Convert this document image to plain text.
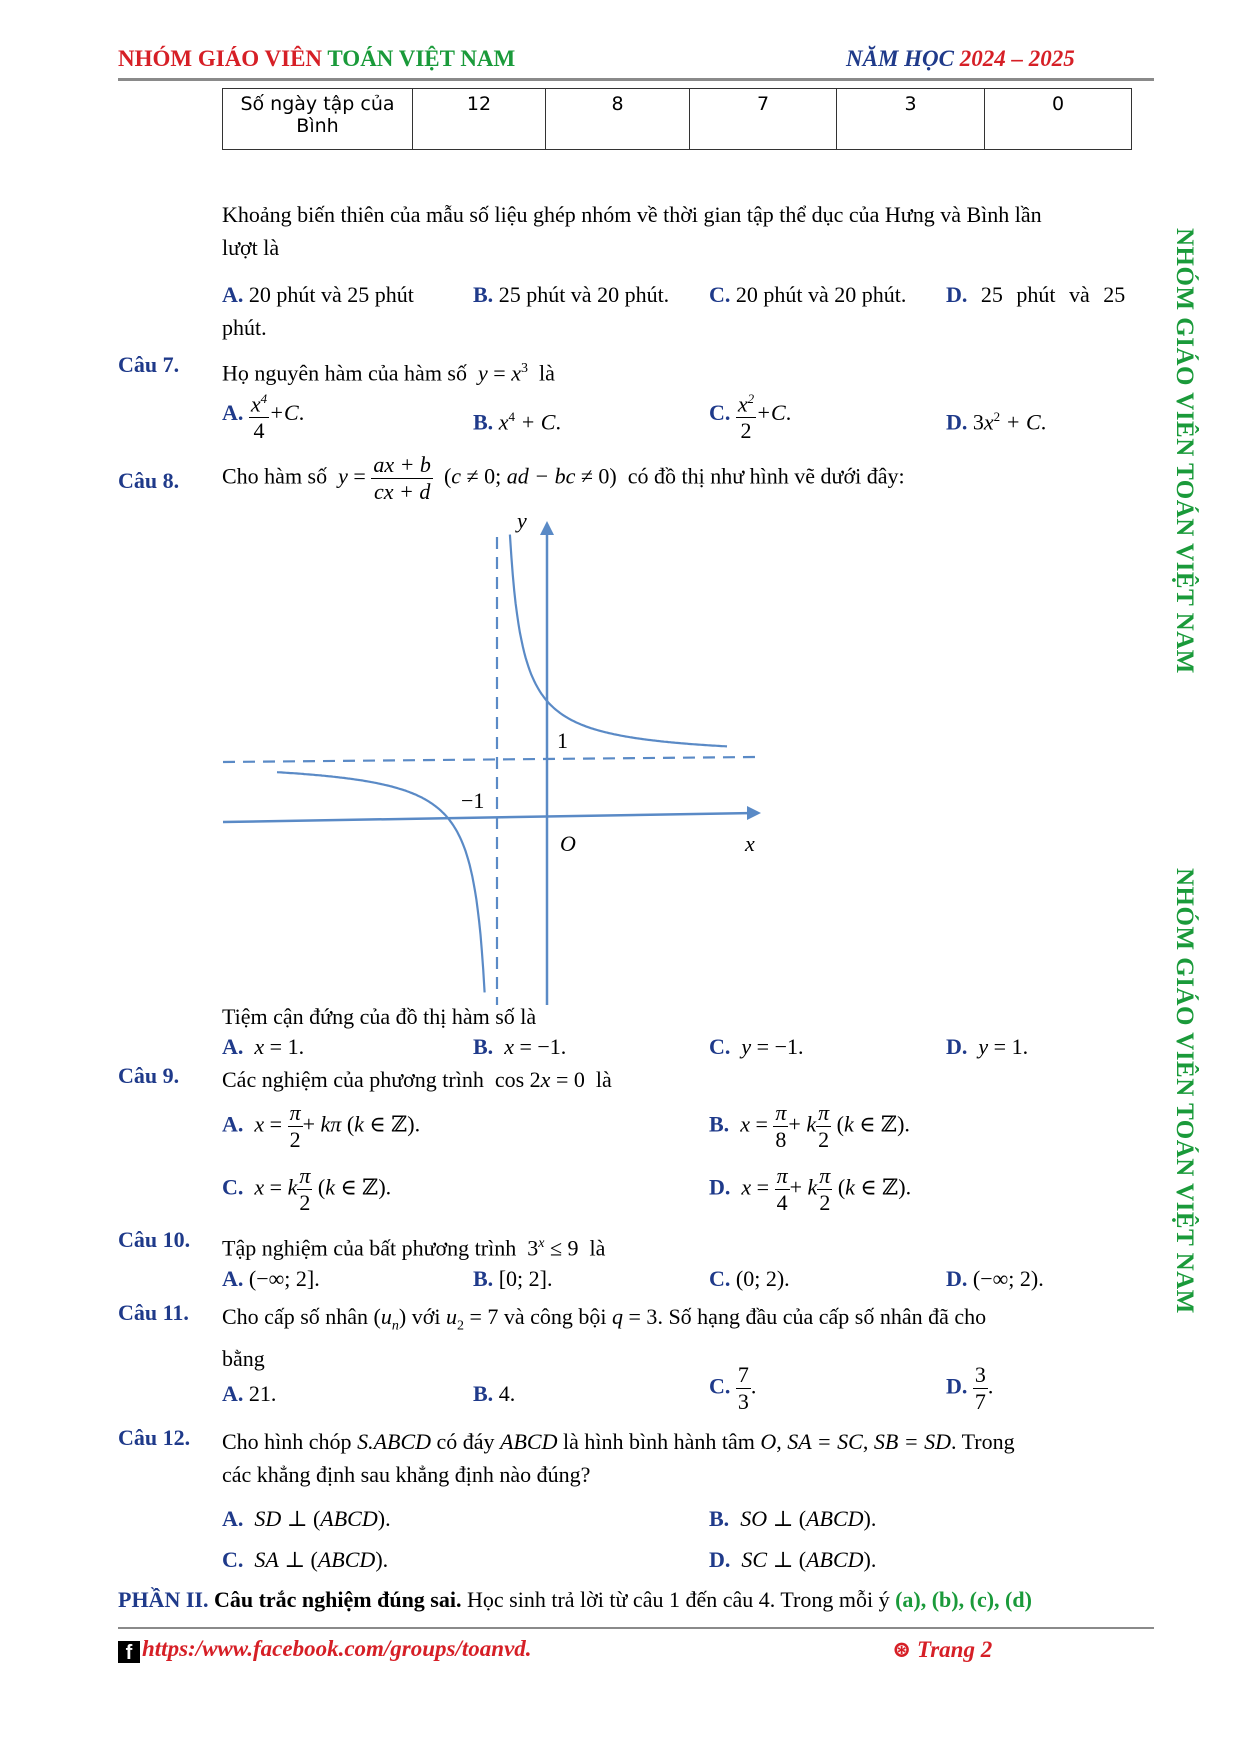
NHÓM GIÁO VIÊN TOÁN VIỆT NAM	NĂM HỌC 2024 – 2025
Số ngày tập của
Bình	12	8	7	3	0
Khoảng biến thiên của mẫu số liệu ghép nhóm về thời gian tập thể dục của Hưng và Bình lần
lượt là
A. 20 phút và 25 phút	B. 25 phút và 20 phút. C. 20 phút và 20 phút. D. 25 phút và 25
phút.
Câu 7. Họ nguyên hàm của hàm số $y = x^3$ là
A. $\frac{x^4}{4} +C$.	B. $x^4 + C$.	C. $\frac{x^2}{2} +C$.	D. $3x^2 + C$.
Câu 8. Cho hàm số $y = \frac{ax + b}{cx + d} (c \ne 0$; ad − bc ≠ 0)  có đồ thị như hình vẽ dưới đây:
y
x
O
1
−1
Tiệm cận đứng của đồ thị hàm số là
A. x = 1.	B. x = −1.	C. y = −1.	D. y = 1.
Câu 9. Các nghiệm của phương trình  cos 2x = 0  là
A. $x = \frac{\pi}{2} + k\pi$ (k ∈ ℤ).	B. $x = \frac{\pi}{8} + k \frac{\pi}{2} (k$ ∈ ℤ).
C. x = k $\frac{\pi}{2} (k$ ∈ ℤ).	D. $x = \frac{\pi}{4} + k \frac{\pi}{2} (k$ ∈ ℤ).
Câu 10. Tập nghiệm của bất phương trình  $3^x \le 9$  là
A. (−∞; 2].	B. [0; 2].	C. (0; 2).	D. (−∞; 2).
Câu 11. Cho cấp số nhân $(u_n)$ với $u_2 = 7$ và công bội q = 3. Số hạng đầu của cấp số nhân đã cho
bằng
A. 21.	B. 4.	C. $\frac{7}{3}$ .	D. $\frac{3}{7}$ .
Câu 12. Cho hình chóp S.ABCD có đáy ABCD là hình bình hành tâm O, SA = SC, SB = SD. Trong
các khẳng định sau khẳng định nào đúng?
A. SD ⊥ (ABCD).	B. SO ⊥ (ABCD).
C. SA ⊥ (ABCD).	D. SC ⊥ (ABCD).
PHẦN II. Câu trắc nghiệm đúng sai. Học sinh trả lời từ câu 1 đến câu 4. Trong mỗi ý (a), (b), (c), (d)
NHÓM GIÁO VIÊN TOÁN VIỆT NAM
NHÓM GIÁO VIÊN TOÁN VIỆT NAM
f https:/www.facebook.com/groups/toanvd.	⊛ Trang 2
